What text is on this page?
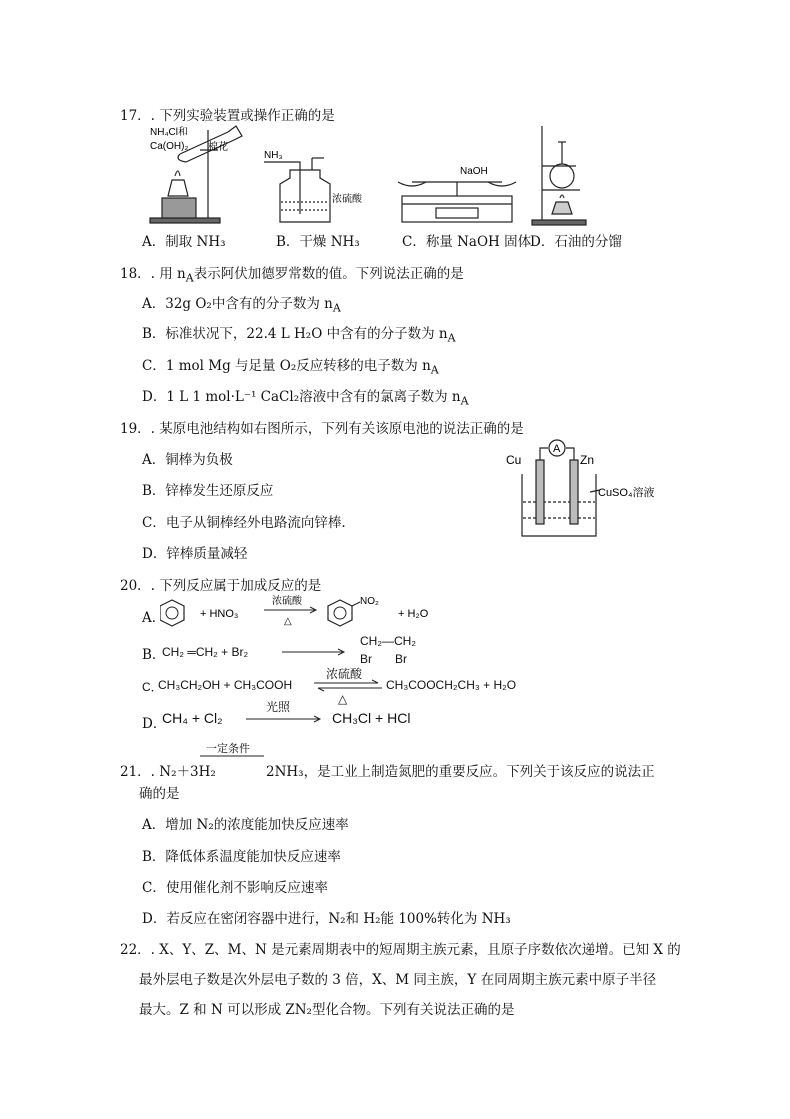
17．. 下列实验装置或操作正确的是
NH₄Cl和
Ca(OH)₂ 棉花
NH₃
浓硫酸
NaOH
A．制取 NH₃	B．干燥 NH₃	C．称量 NaOH 固体
D．石油的分馏
18．. 用 $n_A$表示阿伏加德罗常数的值。下列说法正确的是
A．32g O₂中含有的分子数为 $n_A$
B．标准状况下，22.4 L H₂O 中含有的分子数为 $n_A$
C．1 mol Mg 与足量 O₂反应转移的电子数为 $n_A$
D．1 L 1 mol·L⁻¹ CaCl₂溶液中含有的氯离子数为 $n_A$
19．. 某原电池结构如右图所示，下列有关该原电池的说法正确的是
A．铜棒为负极
B．锌棒发生还原反应
C．电子从铜棒经外电路流向锌棒.
D．锌棒质量减轻
A
Cu	Zn
CuSO₄溶液
20．. 下列反应属于加成反应的是
A．	+ HNO₃
浓硫酸
△
NO₂
+ H₂O
B．
CH₂ ═CH₂ + Br₂
CH₂—CH₂
Br Br
C．
CH₃CH₂OH + CH₃COOH
浓硫酸
△
CH₃COOCH₂CH₃ + H₂O
D．
CH₄ + Cl₂
光照
CH₃Cl + HCl
一定条件
21．. N₂＋3H₂	2NH₃，是工业上制造氮肥的重要反应。下列关于该反应的说法正
确的是
A．增加 N₂的浓度能加快反应速率
B．降低体系温度能加快反应速率
C．使用催化剂不影响反应速率
D．若反应在密闭容器中进行，N₂和 H₂能 100%转化为 NH₃
22．. X、Y、Z、M、N 是元素周期表中的短周期主族元素，且原子序数依次递增。已知 X 的
最外层电子数是次外层电子数的 3 倍，X、M 同主族，Y 在同周期主族元素中原子半径
最大。Z 和 N 可以形成 ZN₂型化合物。下列有关说法正确的是
